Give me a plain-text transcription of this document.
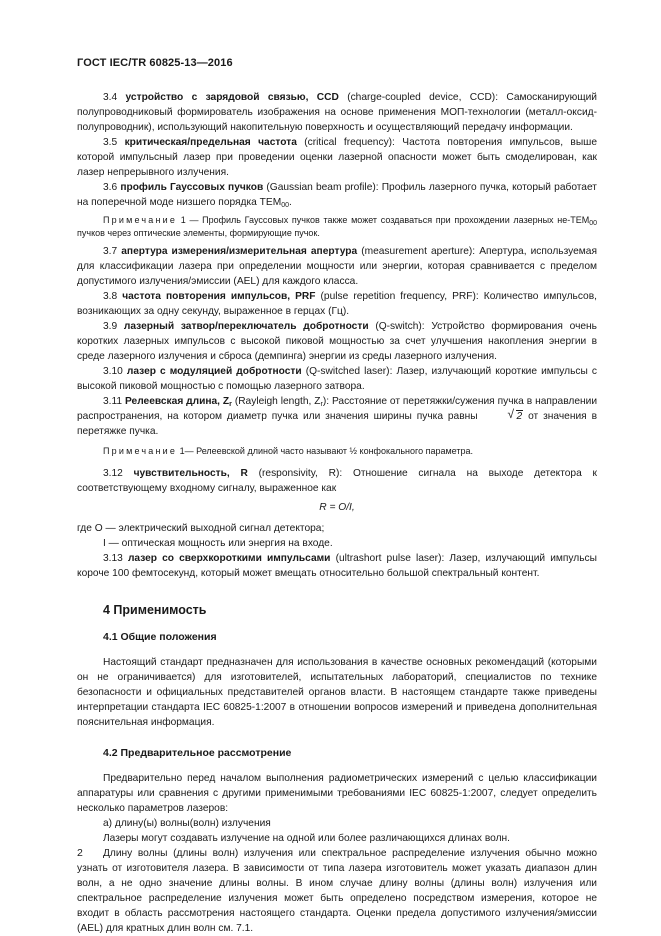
ГОСТ IEC/TR 60825-13—2016

3.4 устройство с зарядовой связью, CCD (charge-coupled device, CCD): Самосканирующий полупроводниковый формирователь изображения на основе применения МОП-технологии (металл-оксид-полупроводник), использующий накопительную поверхность и осуществляющий передачу информации.

3.5 критическая/предельная частота (critical frequency): Частота повторения импульсов, выше которой импульсный лазер при проведении оценки лазерной опасности может быть смоделирован, как лазер непрерывного излучения.

3.6 профиль Гауссовых пучков (Gaussian beam profile): Профиль лазерного пучка, который работает на поперечной моде низшего порядка $TEM_{00}$.

Примечание 1 — Профиль Гауссовых пучков также может создаваться при прохождении лазерных $не-TEM_{00}$ пучков через оптические элементы, формирующие пучок.

3.7 апертура измерения/измерительная апертура (measurement aperture): Апертура, используемая для классификации лазера при определении мощности или энергии, которая сравнивается с пределом допустимого излучения/эмиссии (AEL) для каждого класса.

3.8 частота повторения импульсов, PRF (pulse repetition frequency, PRF): Количество импульсов, возникающих за одну секунду, выраженное в герцах (Гц).

3.9 лазерный затвор/переключатель добротности (Q-switch): Устройство формирования очень коротких лазерных импульсов с высокой пиковой мощностью за счет улучшения накопления энергии в среде лазерного излучения и сброса (демпинга) энергии из среды лазерного излучения.

3.10 лазер с модуляцией добротности (Q-switched laser): Лазер, излучающий короткие импульсы с высокой пиковой мощностью с помощью лазерного затвора.

3.11 Релеевская длина, $Z_r$ (Rayleigh length, $Z_r$): Расстояние от перетяжки/сужения пучка в направлении распространения, на котором диаметр пучка или значения ширины пучка равны √	2 от значения в перетяжке пучка.

Примечание 1— Релеевской длиной часто называют ½ конфокального параметра.

3.12 чувствительность, R (responsivity, R): Отношение сигнала на выходе детектора к соответствующему входному сигналу, выраженное как

R = O/I,

где O — электрический выходной сигнал детектора;

I — оптическая мощность или энергия на входе.

3.13 лазер со сверхкороткими импульсами (ultrashort pulse laser): Лазер, излучающий импульсы короче 100 фемтосекунд, который может вмещать относительно большой спектральный контент.

4 Применимость
4.1 Общие положения

Настоящий стандарт предназначен для использования в качестве основных рекомендаций (которыми он не ограничивается) для изготовителей, испытательных лабораторий, специалистов по технике безопасности и официальных представителей органов власти. В настоящем стандарте также приведены интерпретации стандарта IEC 60825-1:2007 в отношении вопросов измерений и приведена дополнительная пояснительная информация.

4.2 Предварительное рассмотрение

Предварительно перед началом выполнения радиометрических измерений с целью классификации аппаратуры или сравнения с другими применимыми требованиями IEC 60825-1:2007, следует определить несколько параметров лазеров:

а) длину(ы) волны(волн) излучения

Лазеры могут создавать излучение на одной или более различающихся длинах волн.

Длину волны (длины волн) излучения или спектральное распределение излучения обычно можно узнать от изготовителя лазера. В зависимости от типа лазера изготовитель может указать диапазон длин волн, а не одно значение длины волны. В ином случае длину волны (длины волн) излучения или спектральное распределение излучения может быть определено посредством измерения, которое не входит в область рассмотрения настоящего стандарта. Оценки предела допустимого излучения/эмиссии (AEL) для кратных длин волн см. 7.1.

2
